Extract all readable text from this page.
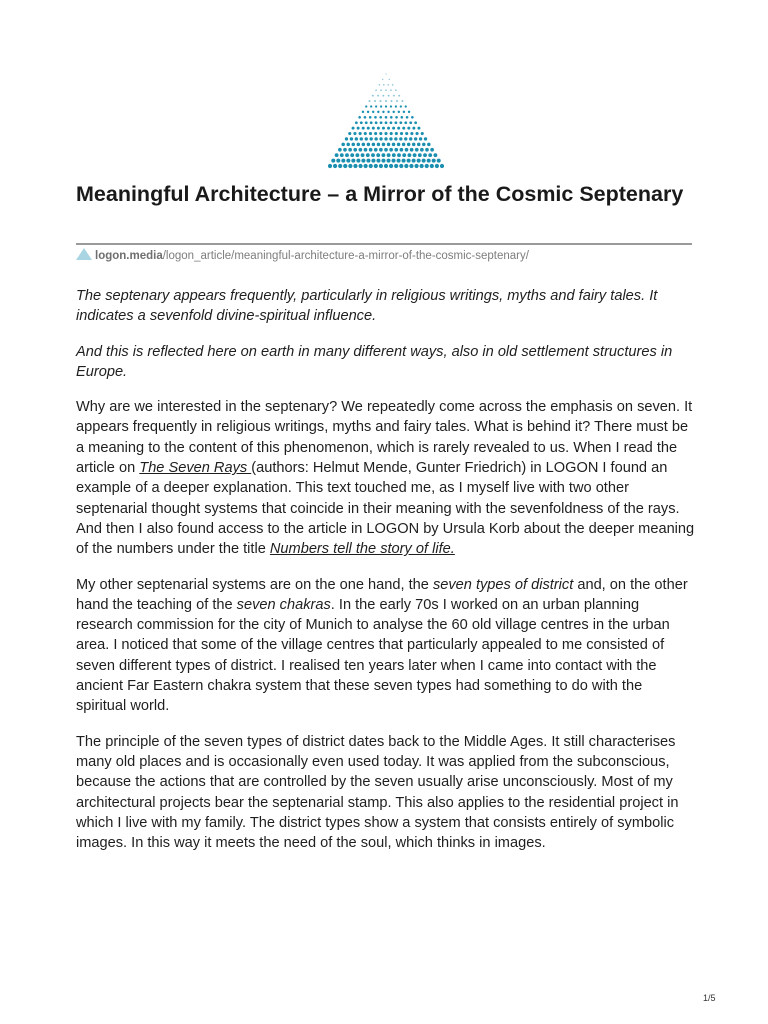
Meaningful Architecture – a Mirror of the Cosmic Septenary
logon.media/logon_article/meaningful-architecture-a-mirror-of-the-cosmic-septenary/

The septenary appears frequently, particularly in religious writings, myths and fairy tales. It indicates a sevenfold divine-spiritual influence.

And this is reflected here on earth in many different ways, also in old settlement structures in Europe.

Why are we interested in the septenary? We repeatedly come across the emphasis on seven. It appears frequently in religious writings, myths and fairy tales. What is behind it? There must be a meaning to the content of this phenomenon, which is rarely revealed to us. When I read the article on The Seven Rays (authors: Helmut Mende, Gunter Friedrich) in LOGON I found an example of a deeper explanation. This text touched me, as I myself live with two other septenarial thought systems that coincide in their meaning with the sevenfoldness of the rays. And then I also found access to the article in LOGON by Ursula Korb about the deeper meaning of the numbers under the title Numbers tell the story of life.

My other septenarial systems are on the one hand, the seven types of district and, on the other hand the teaching of the seven chakras. In the early 70s I worked on an urban planning research commission for the city of Munich to analyse the 60 old village centres in the urban area. I noticed that some of the village centres that particularly appealed to me consisted of seven different types of district. I realised ten years later when I came into contact with the ancient Far Eastern chakra system that these seven types had something to do with the spiritual world.

The principle of the seven types of district dates back to the Middle Ages. It still characterises many old places and is occasionally even used today. It was applied from the subconscious, because the actions that are controlled by the seven usually arise unconsciously. Most of my architectural projects bear the septenarial stamp. This also applies to the residential project in which I live with my family. The district types show a system that consists entirely of symbolic images. In this way it meets the need of the soul, which thinks in images.

1/5
